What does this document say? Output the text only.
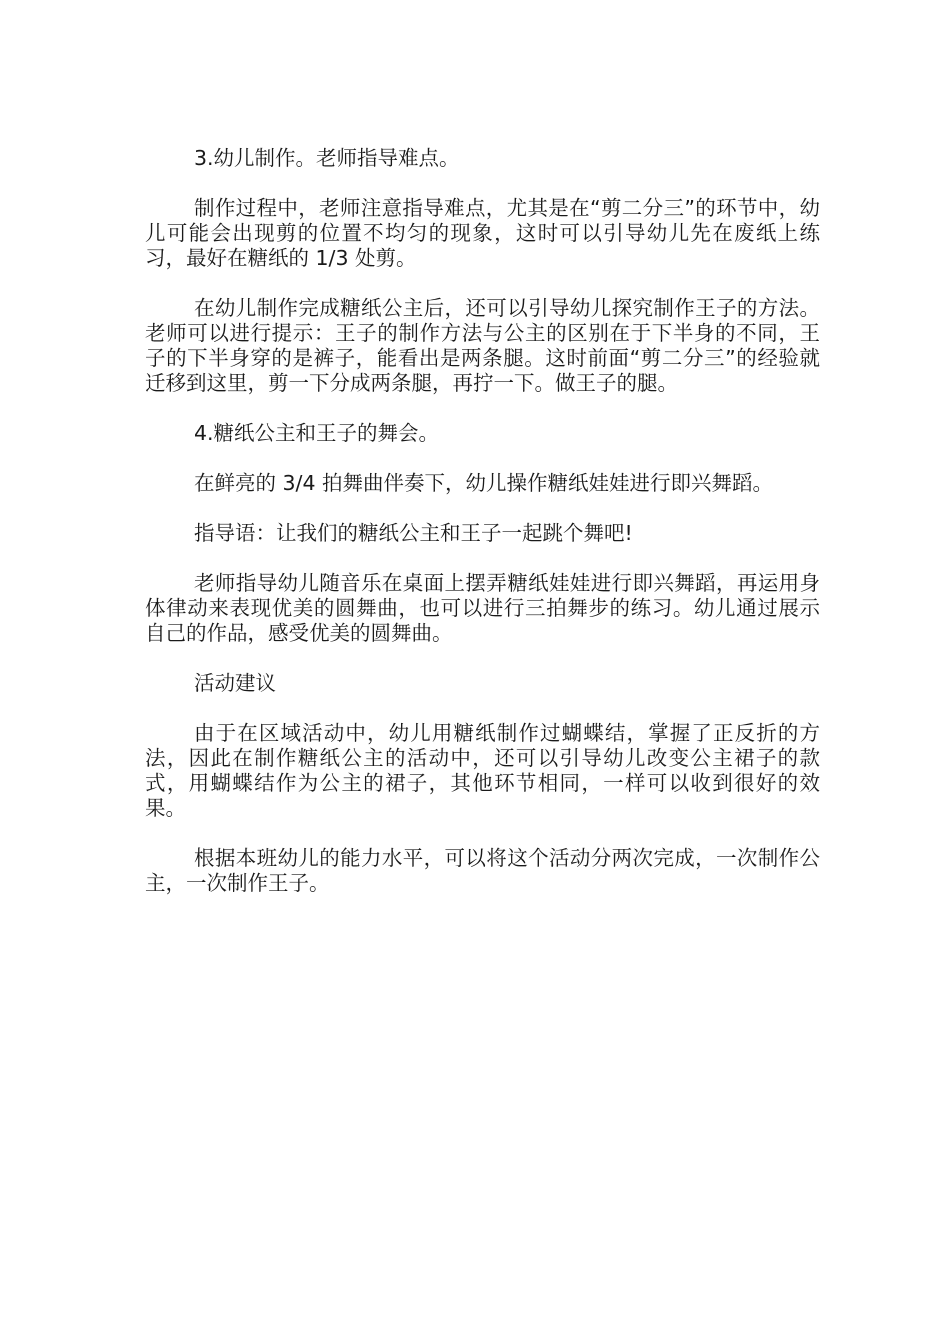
3.幼儿制作。老师指导难点。

制作过程中，老师注意指导难点，尤其是在“剪二分三”的环节中，幼儿可能会出现剪的位置不均匀的现象，这时可以引导幼儿先在废纸上练习，最好在糖纸的 1/3 处剪。

在幼儿制作完成糖纸公主后，还可以引导幼儿探究制作王子的方法。老师可以进行提示：王子的制作方法与公主的区别在于下半身的不同，王子的下半身穿的是裤子，能看出是两条腿。这时前面“剪二分三”的经验就迁移到这里，剪一下分成两条腿，再拧一下。做王子的腿。

4.糖纸公主和王子的舞会。

在鲜亮的 3/4 拍舞曲伴奏下，幼儿操作糖纸娃娃进行即兴舞蹈。

指导语：让我们的糖纸公主和王子一起跳个舞吧!

老师指导幼儿随音乐在桌面上摆弄糖纸娃娃进行即兴舞蹈，再运用身体律动来表现优美的圆舞曲，也可以进行三拍舞步的练习。幼儿通过展示自己的作品，感受优美的圆舞曲。

活动建议

由于在区域活动中，幼儿用糖纸制作过蝴蝶结，掌握了正反折的方法，因此在制作糖纸公主的活动中，还可以引导幼儿改变公主裙子的款式，用蝴蝶结作为公主的裙子，其他环节相同，一样可以收到很好的效果。

根据本班幼儿的能力水平，可以将这个活动分两次完成，一次制作公主，一次制作王子。
